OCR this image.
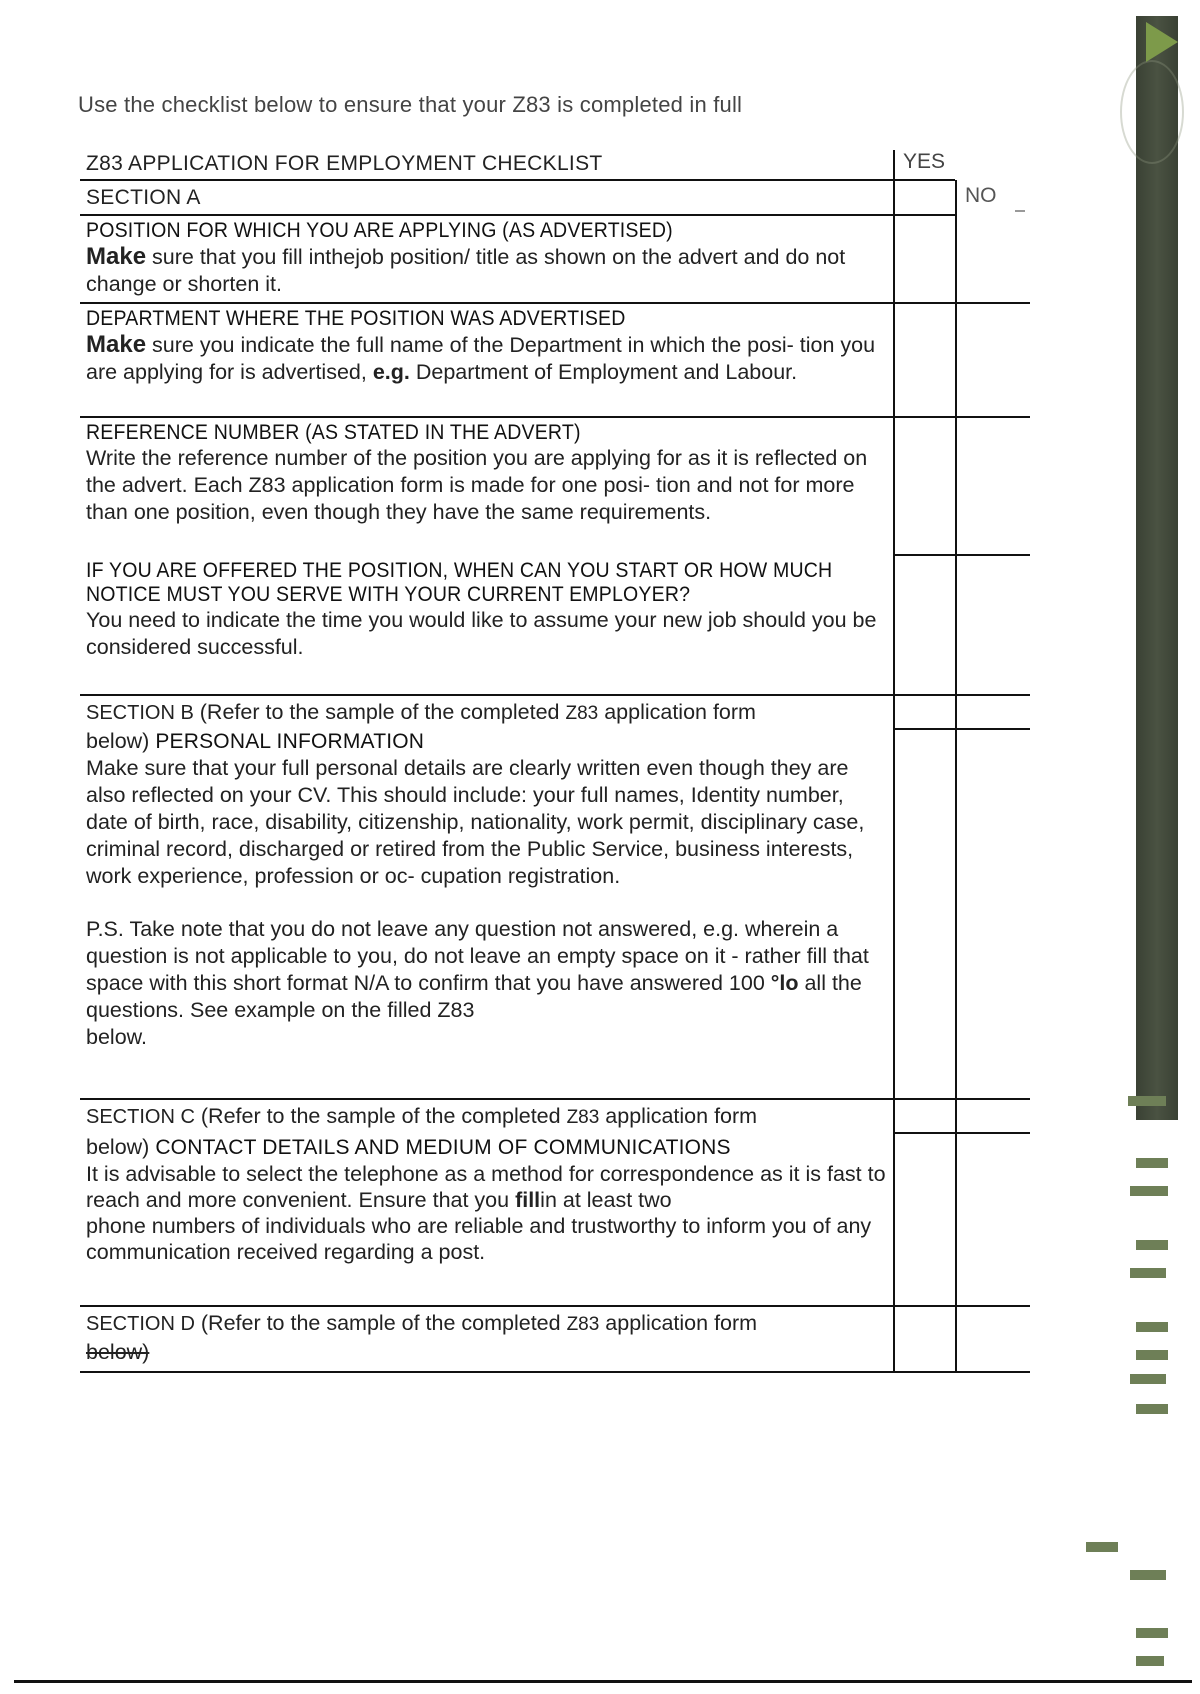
Use the checklist below to ensure that your Z83 is completed in full
Z83 APPLICATION FOR EMPLOYMENT CHECKLIST	YES
SECTION A	NO
POSITION FOR WHICH YOU ARE APPLYING (AS ADVERTISED)

Make sure that you fill inthejob position/ title as shown on the advert and do not change or shorten it.

DEPARTMENT WHERE THE POSITION WAS ADVERTISED

Make sure you indicate the full name of the Department in which the posi- tion you are applying for is advertised, e.g. Department of Employment and Labour.

REFERENCE NUMBER (AS STATED IN THE ADVERT)

Write the reference number of the position you are applying for as it is reflected on the advert. Each Z83 application form is made for one posi- tion and not for more than one position, even though they have the same requirements.

IF YOU ARE OFFERED THE POSITION, WHEN CAN YOU START OR HOW MUCH NOTICE MUST YOU SERVE WITH YOUR CURRENT EMPLOYER?

You need to indicate the time you would like to assume your new job should you be considered successful.

SECTION B (Refer to the sample of the completed Z83 application form
below) PERSONAL INFORMATION

Make sure that your full personal details are clearly written even though they are also reflected on your CV. This should include: your full names, Identity number, date of birth, race, disability, citizenship, nationality, work permit, disciplinary case, criminal record, discharged or retired from the Public Service, business interests, work experience, profession or oc- cupation registration.

P.S. Take note that you do not leave any question not answered, e.g. wherein a question is not applicable to you, do not leave an empty space on it - rather fill that space with this short format N/A to confirm that you have answered 100 °lo all the questions. See example on the filled Z83
below.

SECTION C (Refer to the sample of the completed Z83 application form
below) CONTACT DETAILS AND MEDIUM OF COMMUNICATIONS

It is advisable to select the telephone as a method for correspondence as it is fast to reach and more convenient. Ensure that you fillin at least two
phone numbers of individuals who are reliable and trustworthy to inform you of any communication received regarding a post.

SECTION D (Refer to the sample of the completed Z83 application form
below)
